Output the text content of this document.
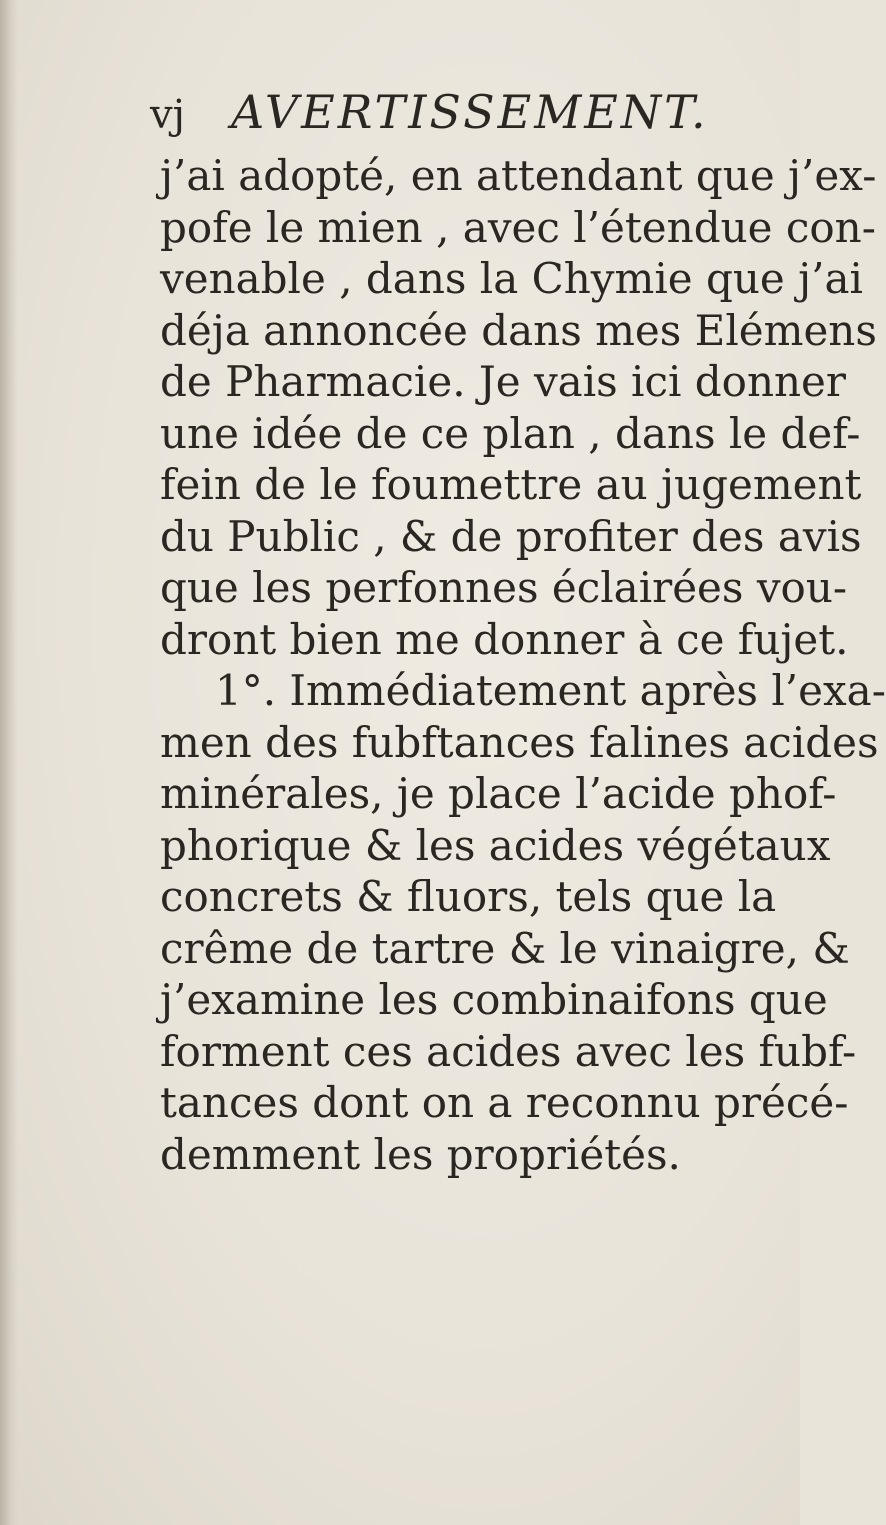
vj AVERTISSEMENT.
j’ai adopté, en attendant que j’ex-
pofe le mien , avec l’étendue con-
venable , dans la Chymie que j’ai
déja annoncée dans mes Elémens
de Pharmacie. Je vais ici donner
une idée de ce plan , dans le def-
fein de le foumettre au jugement
du Public , & de profiter des avis
que les perfonnes éclairées vou-
dront bien me donner à ce fujet.
1°. Immédiatement après l’exa-
men des fubftances falines acides
minérales, je place l’acide phof-
phorique & les acides végétaux
concrets & fluors, tels que la
crême de tartre & le vinaigre, &
j’examine les combinaifons que
forment ces acides avec les fubf-
tances dont on a reconnu précé-
demment les propriétés.
